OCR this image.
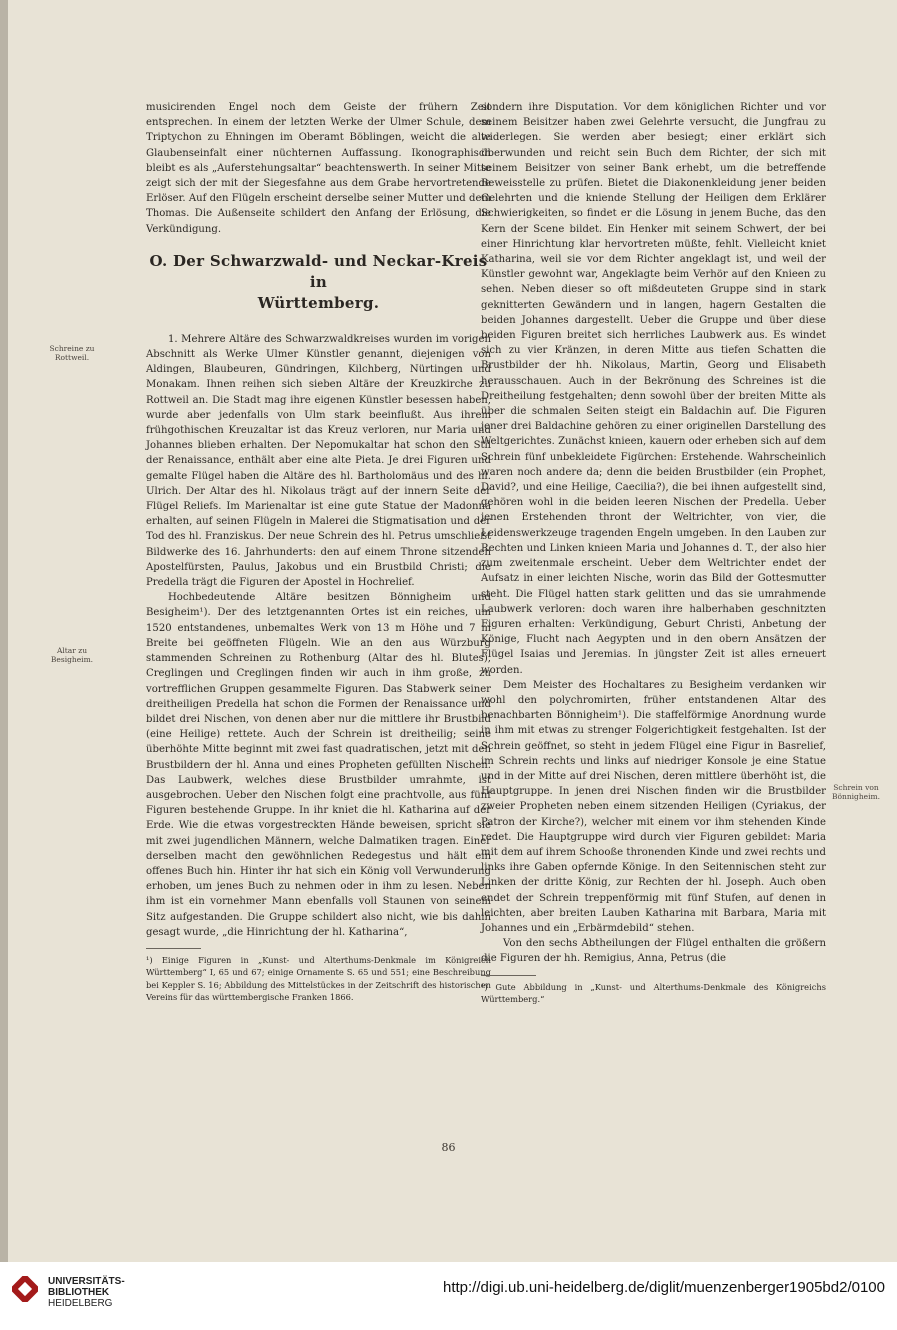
musicirenden Engel noch dem Geiste der frühern Zeit entsprechen. In einem der letzten Werke der Ulmer Schule, dem Triptychon zu Ehningen im Oberamt Böblingen, weicht die alte Glaubenseinfalt einer nüchternen Auffassung. Ikonographisch bleibt es als „Auferstehungsaltar“ beachtenswerth. In seiner Mitte zeigt sich der mit der Siegesfahne aus dem Grabe hervortretende Erlöser. Auf den Flügeln erscheint derselbe seiner Mutter und dem Thomas. Die Außenseite schildert den Anfang der Erlösung, die Verkündigung.

O. Der Schwarzwald- und Neckar-Kreis in
Württemberg.

1. Mehrere Altäre des Schwarzwaldkreises wurden im vorigen Abschnitt als Werke Ulmer Künstler genannt, diejenigen von Aldingen, Blaubeuren, Gündringen, Kilchberg, Nürtingen und Monakam. Ihnen reihen sich sieben Altäre der Kreuzkirche zu Rottweil an. Die Stadt mag ihre eigenen Künstler besessen haben, wurde aber jedenfalls von Ulm stark beeinflußt. Aus ihrem frühgothischen Kreuzaltar ist das Kreuz verloren, nur Maria und Johannes blieben erhalten. Der Nepomukaltar hat schon den Stil der Renaissance, enthält aber eine alte Pieta. Je drei Figuren und gemalte Flügel haben die Altäre des hl. Bartholomäus und des hl. Ulrich. Der Altar des hl. Nikolaus trägt auf der innern Seite der Flügel Reliefs. Im Marienaltar ist eine gute Statue der Madonna erhalten, auf seinen Flügeln in Malerei die Stigmatisation und der Tod des hl. Franziskus. Der neue Schrein des hl. Petrus umschließt Bildwerke des 16. Jahrhunderts: den auf einem Throne sitzenden Apostelfürsten, Paulus, Jakobus und ein Brustbild Christi; die Predella trägt die Figuren der Apostel in Hochrelief.

Hochbedeutende Altäre besitzen Bönnigheim und Besigheim¹). Der des letztgenannten Ortes ist ein reiches, um 1520 entstandenes, unbemaltes Werk von 13 m Höhe und 7 m Breite bei geöffneten Flügeln. Wie an den aus Würzburg stammenden Schreinen zu Rothenburg (Altar des hl. Blutes), Creglingen und Creglingen finden wir auch in ihm große, zu vortrefflichen Gruppen gesammelte Figuren. Das Stabwerk seiner dreitheiligen Predella hat schon die Formen der Renaissance und bildet drei Nischen, von denen aber nur die mittlere ihr Brustbild (eine Heilige) rettete. Auch der Schrein ist dreitheilig; seine überhöhte Mitte beginnt mit zwei fast quadratischen, jetzt mit den Brustbildern der hl. Anna und eines Propheten gefüllten Nischen. Das Laubwerk, welches diese Brustbilder umrahmte, ist ausgebrochen. Ueber den Nischen folgt eine prachtvolle, aus fünf Figuren bestehende Gruppe. In ihr kniet die hl. Katharina auf der Erde. Wie die etwas vorgestreckten Hände beweisen, spricht sie mit zwei jugendlichen Männern, welche Dalmatiken tragen. Einer derselben macht den gewöhnlichen Redegestus und hält ein offenes Buch hin. Hinter ihr hat sich ein König voll Verwunderung erhoben, um jenes Buch zu nehmen oder in ihm zu lesen. Neben ihm ist ein vornehmer Mann ebenfalls voll Staunen von seinem Sitz aufgestanden. Die Gruppe schildert also nicht, wie bis dahin gesagt wurde, „die Hinrichtung der hl. Katharina“,

¹) Einige Figuren in „Kunst- und Alterthums-Denkmale im Königreich Württemberg“ I, 65 und 67; einige Ornamente S. 65 und 551; eine Beschreibung bei Keppler S. 16; Abbildung des Mittelstückes in der Zeitschrift des historischen Vereins für das württembergische Franken 1866.

sondern ihre Disputation. Vor dem königlichen Richter und vor seinem Beisitzer haben zwei Gelehrte versucht, die Jungfrau zu widerlegen. Sie werden aber besiegt; einer erklärt sich überwunden und reicht sein Buch dem Richter, der sich mit seinem Beisitzer von seiner Bank erhebt, um die betreffende Beweisstelle zu prüfen. Bietet die Diakonenkleidung jener beiden Gelehrten und die kniende Stellung der Heiligen dem Erklärer Schwierigkeiten, so findet er die Lösung in jenem Buche, das den Kern der Scene bildet. Ein Henker mit seinem Schwert, der bei einer Hinrichtung klar hervortreten müßte, fehlt. Vielleicht kniet Katharina, weil sie vor dem Richter angeklagt ist, und weil der Künstler gewohnt war, Angeklagte beim Verhör auf den Knieen zu sehen. Neben dieser so oft mißdeuteten Gruppe sind in stark geknitterten Gewändern und in langen, hagern Gestalten die beiden Johannes dargestellt. Ueber die Gruppe und über diese beiden Figuren breitet sich herrliches Laubwerk aus. Es windet sich zu vier Kränzen, in deren Mitte aus tiefen Schatten die Brustbilder der hh. Nikolaus, Martin, Georg und Elisabeth herausschauen. Auch in der Bekrönung des Schreines ist die Dreitheilung festgehalten; denn sowohl über der breiten Mitte als über die schmalen Seiten steigt ein Baldachin auf. Die Figuren jener drei Baldachine gehören zu einer originellen Darstellung des Weltgerichtes. Zunächst knieen, kauern oder erheben sich auf dem Schrein fünf unbekleidete Figürchen: Erstehende. Wahrscheinlich waren noch andere da; denn die beiden Brustbilder (ein Prophet, David?, und eine Heilige, Caecilia?), die bei ihnen aufgestellt sind, gehören wohl in die beiden leeren Nischen der Predella. Ueber jenen Erstehenden thront der Weltrichter, von vier, die Leidenswerkzeuge tragenden Engeln umgeben. In den Lauben zur Rechten und Linken knieen Maria und Johannes d. T., der also hier zum zweitenmale erscheint. Ueber dem Weltrichter endet der Aufsatz in einer leichten Nische, worin das Bild der Gottesmutter steht. Die Flügel hatten stark gelitten und das sie umrahmende Laubwerk verloren: doch waren ihre halberhaben geschnitzten Figuren erhalten: Verkündigung, Geburt Christi, Anbetung der Könige, Flucht nach Aegypten und in den obern Ansätzen der Flügel Isaias und Jeremias. In jüngster Zeit ist alles erneuert worden.

Dem Meister des Hochaltares zu Besigheim verdanken wir wohl den polychromirten, früher entstandenen Altar des benachbarten Bönnigheim¹). Die staffelförmige Anordnung wurde in ihm mit etwas zu strenger Folgerichtigkeit festgehalten. Ist der Schrein geöffnet, so steht in jedem Flügel eine Figur in Basrelief, im Schrein rechts und links auf niedriger Konsole je eine Statue und in der Mitte auf drei Nischen, deren mittlere überhöht ist, die Hauptgruppe. In jenen drei Nischen finden wir die Brustbilder zweier Propheten neben einem sitzenden Heiligen (Cyriakus, der Patron der Kirche?), welcher mit einem vor ihm stehenden Kinde redet. Die Hauptgruppe wird durch vier Figuren gebildet: Maria mit dem auf ihrem Schooße thronenden Kinde und zwei rechts und links ihre Gaben opfernde Könige. In den Seitennischen steht zur Linken der dritte König, zur Rechten der hl. Joseph. Auch oben endet der Schrein treppenförmig mit fünf Stufen, auf denen in leichten, aber breiten Lauben Katharina mit Barbara, Maria mit Johannes und ein „Erbärmdebild“ stehen.

Von den sechs Abtheilungen der Flügel enthalten die größern die Figuren der hh. Remigius, Anna, Petrus (die

¹) Gute Abbildung in „Kunst- und Alterthums-Denkmale des Königreichs Württemberg.“

Schreine zu
Rottweil.
Altar zu
Besigheim.
Schrein von
Bönnigheim.
86
UNIVERSITÄTS-
BIBLIOTHEK
HEIDELBERG
http://digi.ub.uni-heidelberg.de/diglit/muenzenberger1905bd2/0100
